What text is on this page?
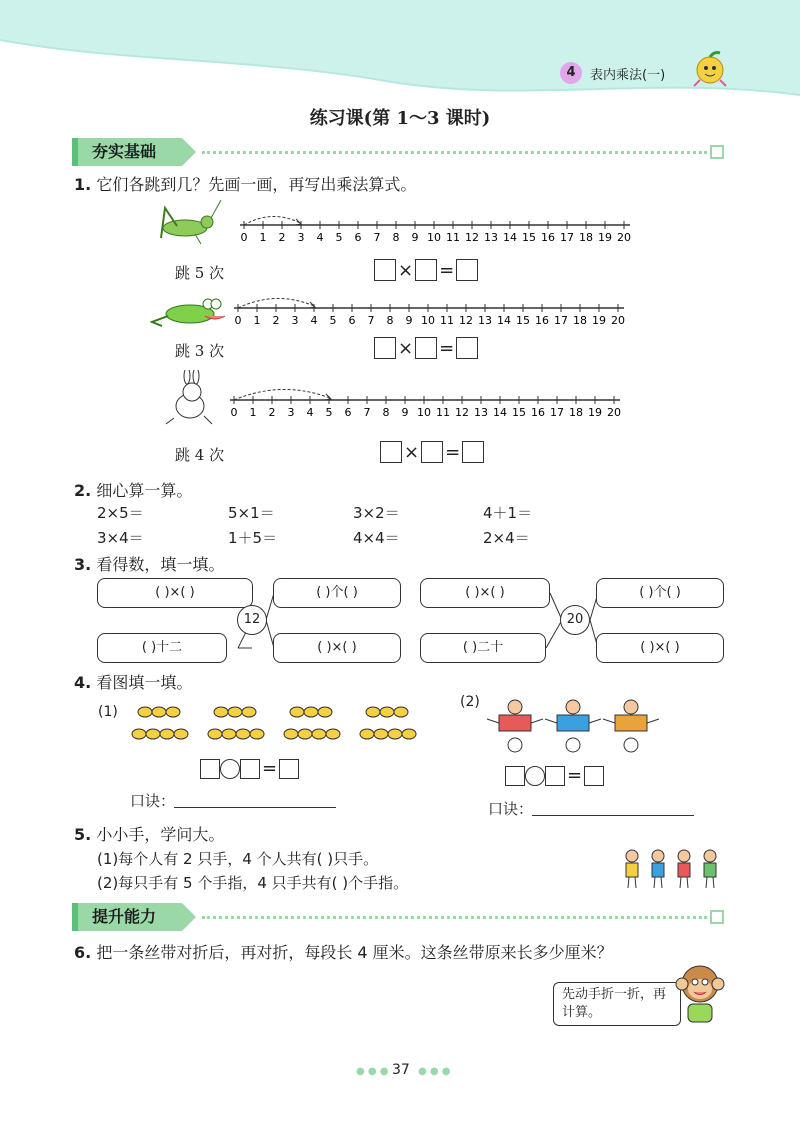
4	表内乘法(一)
练习课(第 1～3 课时)
夯实基础
1. 它们各跳到几？先画一画，再写出乘法算式。
0 1 2 3 4 5 6 7 8 9 10 11 12 13 14 15 16 17 18 19 20
跳 5 次	× =
0 1 2 3 4 5 6 7 8 9 10 11 12 13 14 15 16 17 18 19 20
跳 3 次	× =
0 1 2 3 4 5 6 7 8 9 10 11 12 13 14 15 16 17 18 19 20
跳 4 次	× =
2. 细心算一算。
2×5＝	5×1＝	3×2＝	4＋1＝
3×4＝	1＋5＝	4×4＝	2×4＝
3. 看得数，填一填。
( )×( )	( )个( )
12
( )十二	( )×( )
( )×( )	( )个( )
20
( )二十	( )×( )
4. 看图填一填。
(1)
=
口诀：
(2)
=
口诀：
5. 小小手，学问大。
(1)每个人有 2 只手，4 个人共有( )只手。
(2)每只手有 5 个手指，4 只手共有( )个手指。
提升能力
6. 把一条丝带对折后，再对折，每段长 4 厘米。这条丝带原来长多少厘米？
先动手折一折，再计算。
● ● ● 37 ● ● ●
